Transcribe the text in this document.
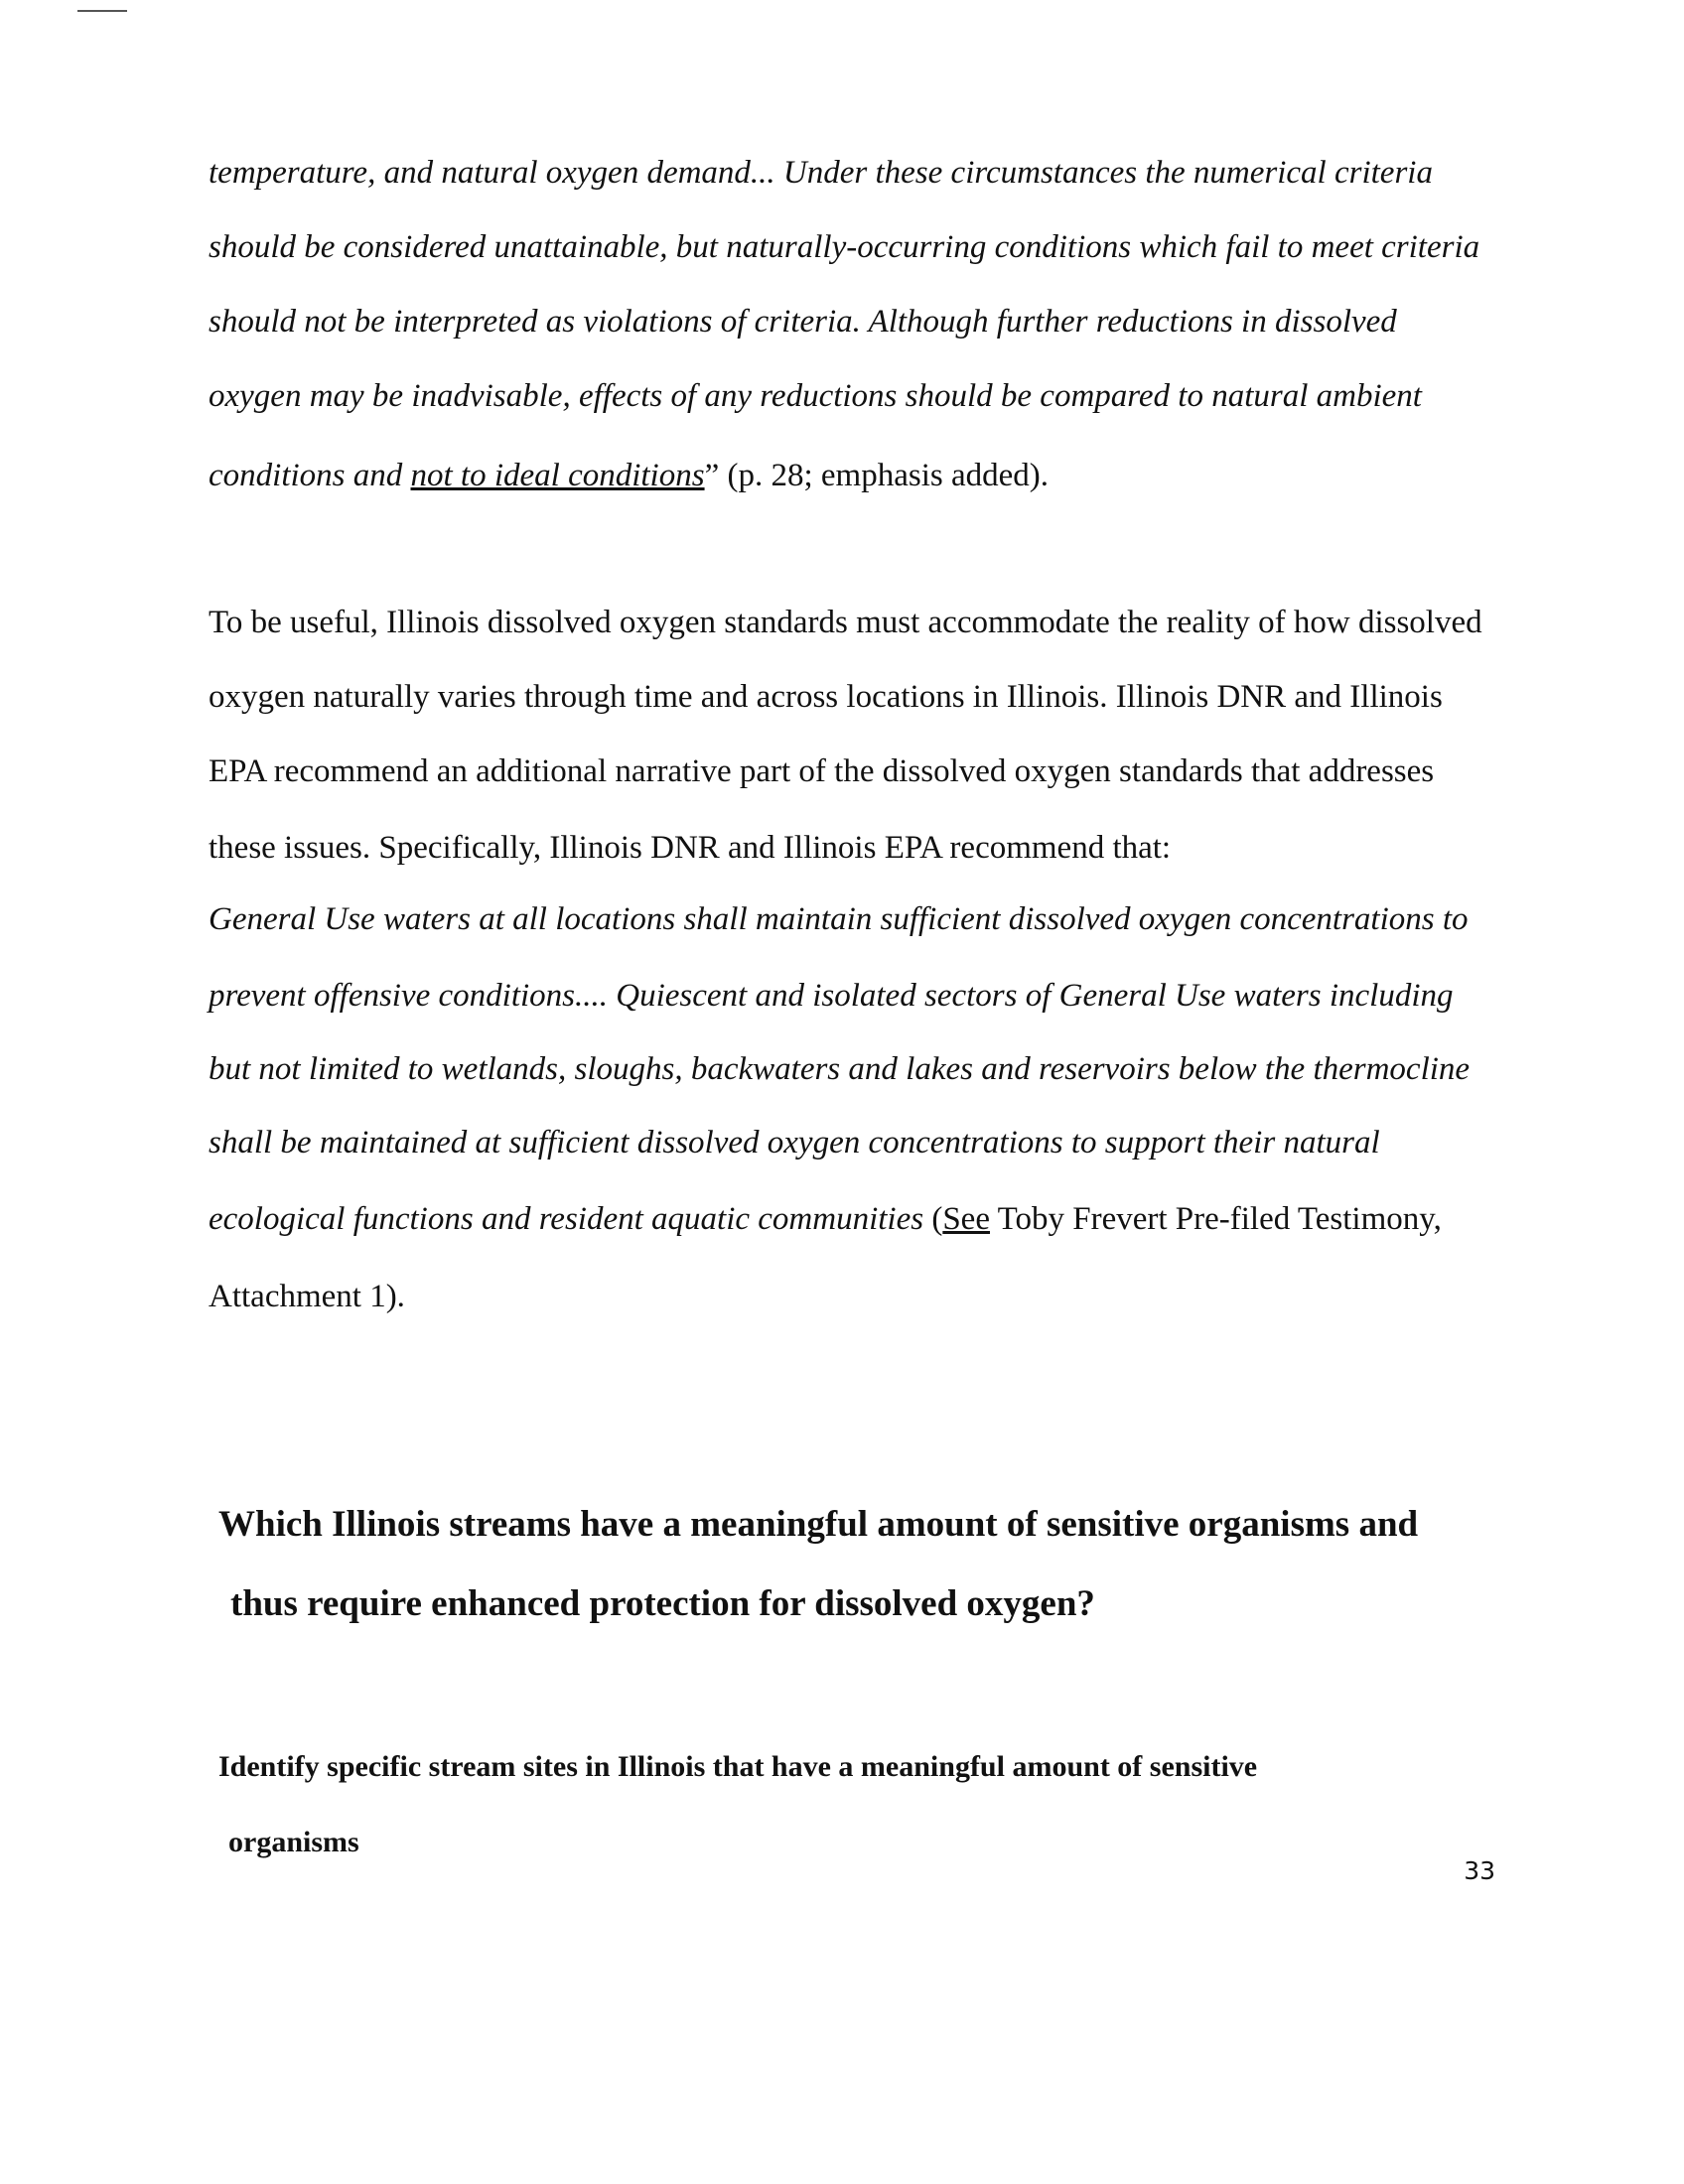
temperature, and natural oxygen demand... Under these circumstances the numerical criteria
should be considered unattainable, but naturally-occurring conditions which fail to meet criteria
should not be interpreted as violations of criteria. Although further reductions in dissolved
oxygen may be inadvisable, effects of any reductions should be compared to natural ambient
conditions and not to ideal conditions” (p. 28; emphasis added).
To be useful, Illinois dissolved oxygen standards must accommodate the reality of how dissolved
oxygen naturally varies through time and across locations in Illinois. Illinois DNR and Illinois
EPA recommend an additional narrative part of the dissolved oxygen standards that addresses
these issues. Specifically, Illinois DNR and Illinois EPA recommend that:
General Use waters at all locations shall maintain sufficient dissolved oxygen concentrations to
prevent offensive conditions.... Quiescent and isolated sectors of General Use waters including
but not limited to wetlands, sloughs, backwaters and lakes and reservoirs below the thermocline
shall be maintained at sufficient dissolved oxygen concentrations to support their natural
ecological functions and resident aquatic communities (See Toby Frevert Pre-filed Testimony,
Attachment 1).
Which Illinois streams have a meaningful amount of sensitive organisms and
thus require enhanced protection for dissolved oxygen?
Identify specific stream sites in Illinois that have a meaningful amount of sensitive
organisms
33
